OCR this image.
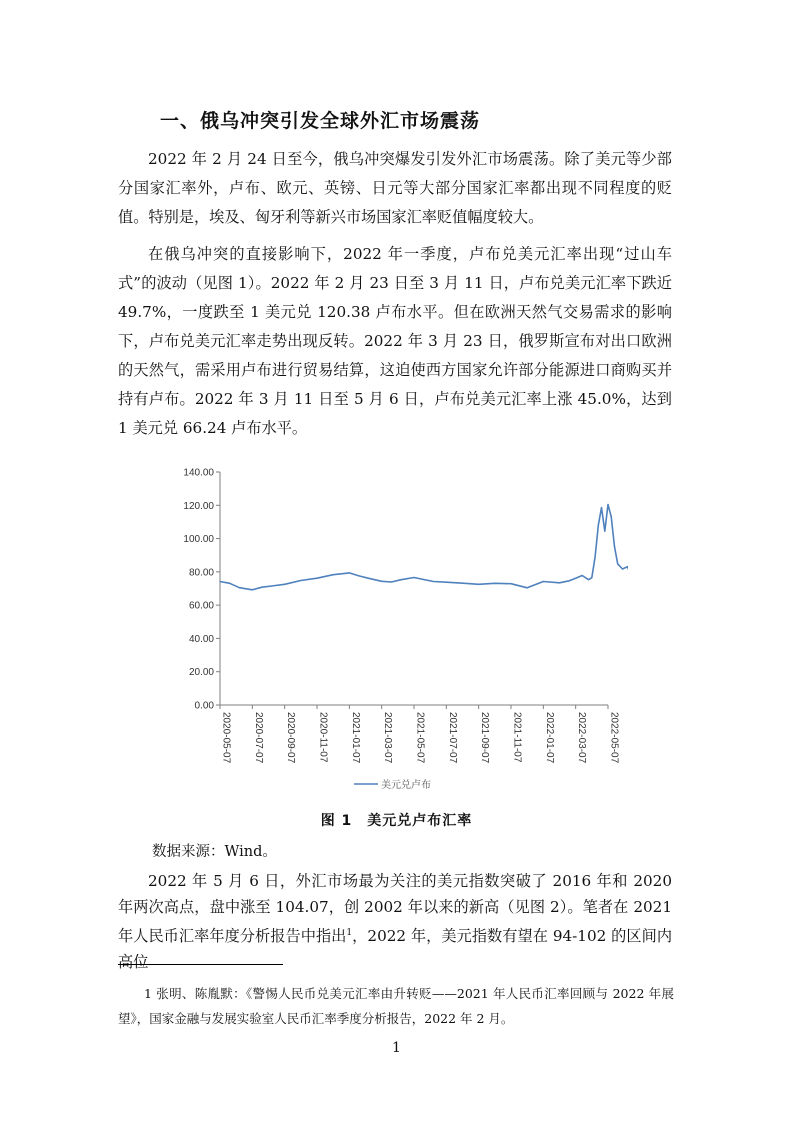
一、俄乌冲突引发全球外汇市场震荡

2022 年 2 月 24 日至今，俄乌冲突爆发引发外汇市场震荡。除了美元等少部分国家汇率外，卢布、欧元、英镑、日元等大部分国家汇率都出现不同程度的贬值。特别是，埃及、匈牙利等新兴市场国家汇率贬值幅度较大。

在俄乌冲突的直接影响下，2022 年一季度，卢布兑美元汇率出现“过山车式”的波动（见图 1）。2022 年 2 月 23 日至 3 月 11 日，卢布兑美元汇率下跌近 49.7%，一度跌至 1 美元兑 120.38 卢布水平。但在欧洲天然气交易需求的影响下，卢布兑美元汇率走势出现反转。2022 年 3 月 23 日，俄罗斯宣布对出口欧洲的天然气，需采用卢布进行贸易结算，这迫使西方国家允许部分能源进口商购买并持有卢布。2022 年 3 月 11 日至 5 月 6 日，卢布兑美元汇率上涨 45.0%，达到 1 美元兑 66.24 卢布水平。

0.00
20.00
40.00
60.00
80.00
100.00
120.00
140.00
2020-05-07 2020-07-07 2020-09-07 2020-11-07 2021-01-07 2021-03-07 2021-05-07 2021-07-07 2021-09-07 2021-11-07 2022-01-07 2022-03-07 2022-05-07
美元兑卢布
图 1　美元兑卢布汇率
数据来源：Wind。

2022 年 5 月 6 日，外汇市场最为关注的美元指数突破了 2016 年和 2020 年两次高点，盘中涨至 104.07，创 2002 年以来的新高（见图 2）。笔者在 2021 年人民币汇率年度分析报告中指出$^1$，2022 年，美元指数有望在 94-102 的区间内高位

1 张明、陈胤默：《警惕人民币兑美元汇率由升转贬——2021 年人民币汇率回顾与 2022 年展望》，国家金融与发展实验室人民币汇率季度分析报告，2022 年 2 月。

1
